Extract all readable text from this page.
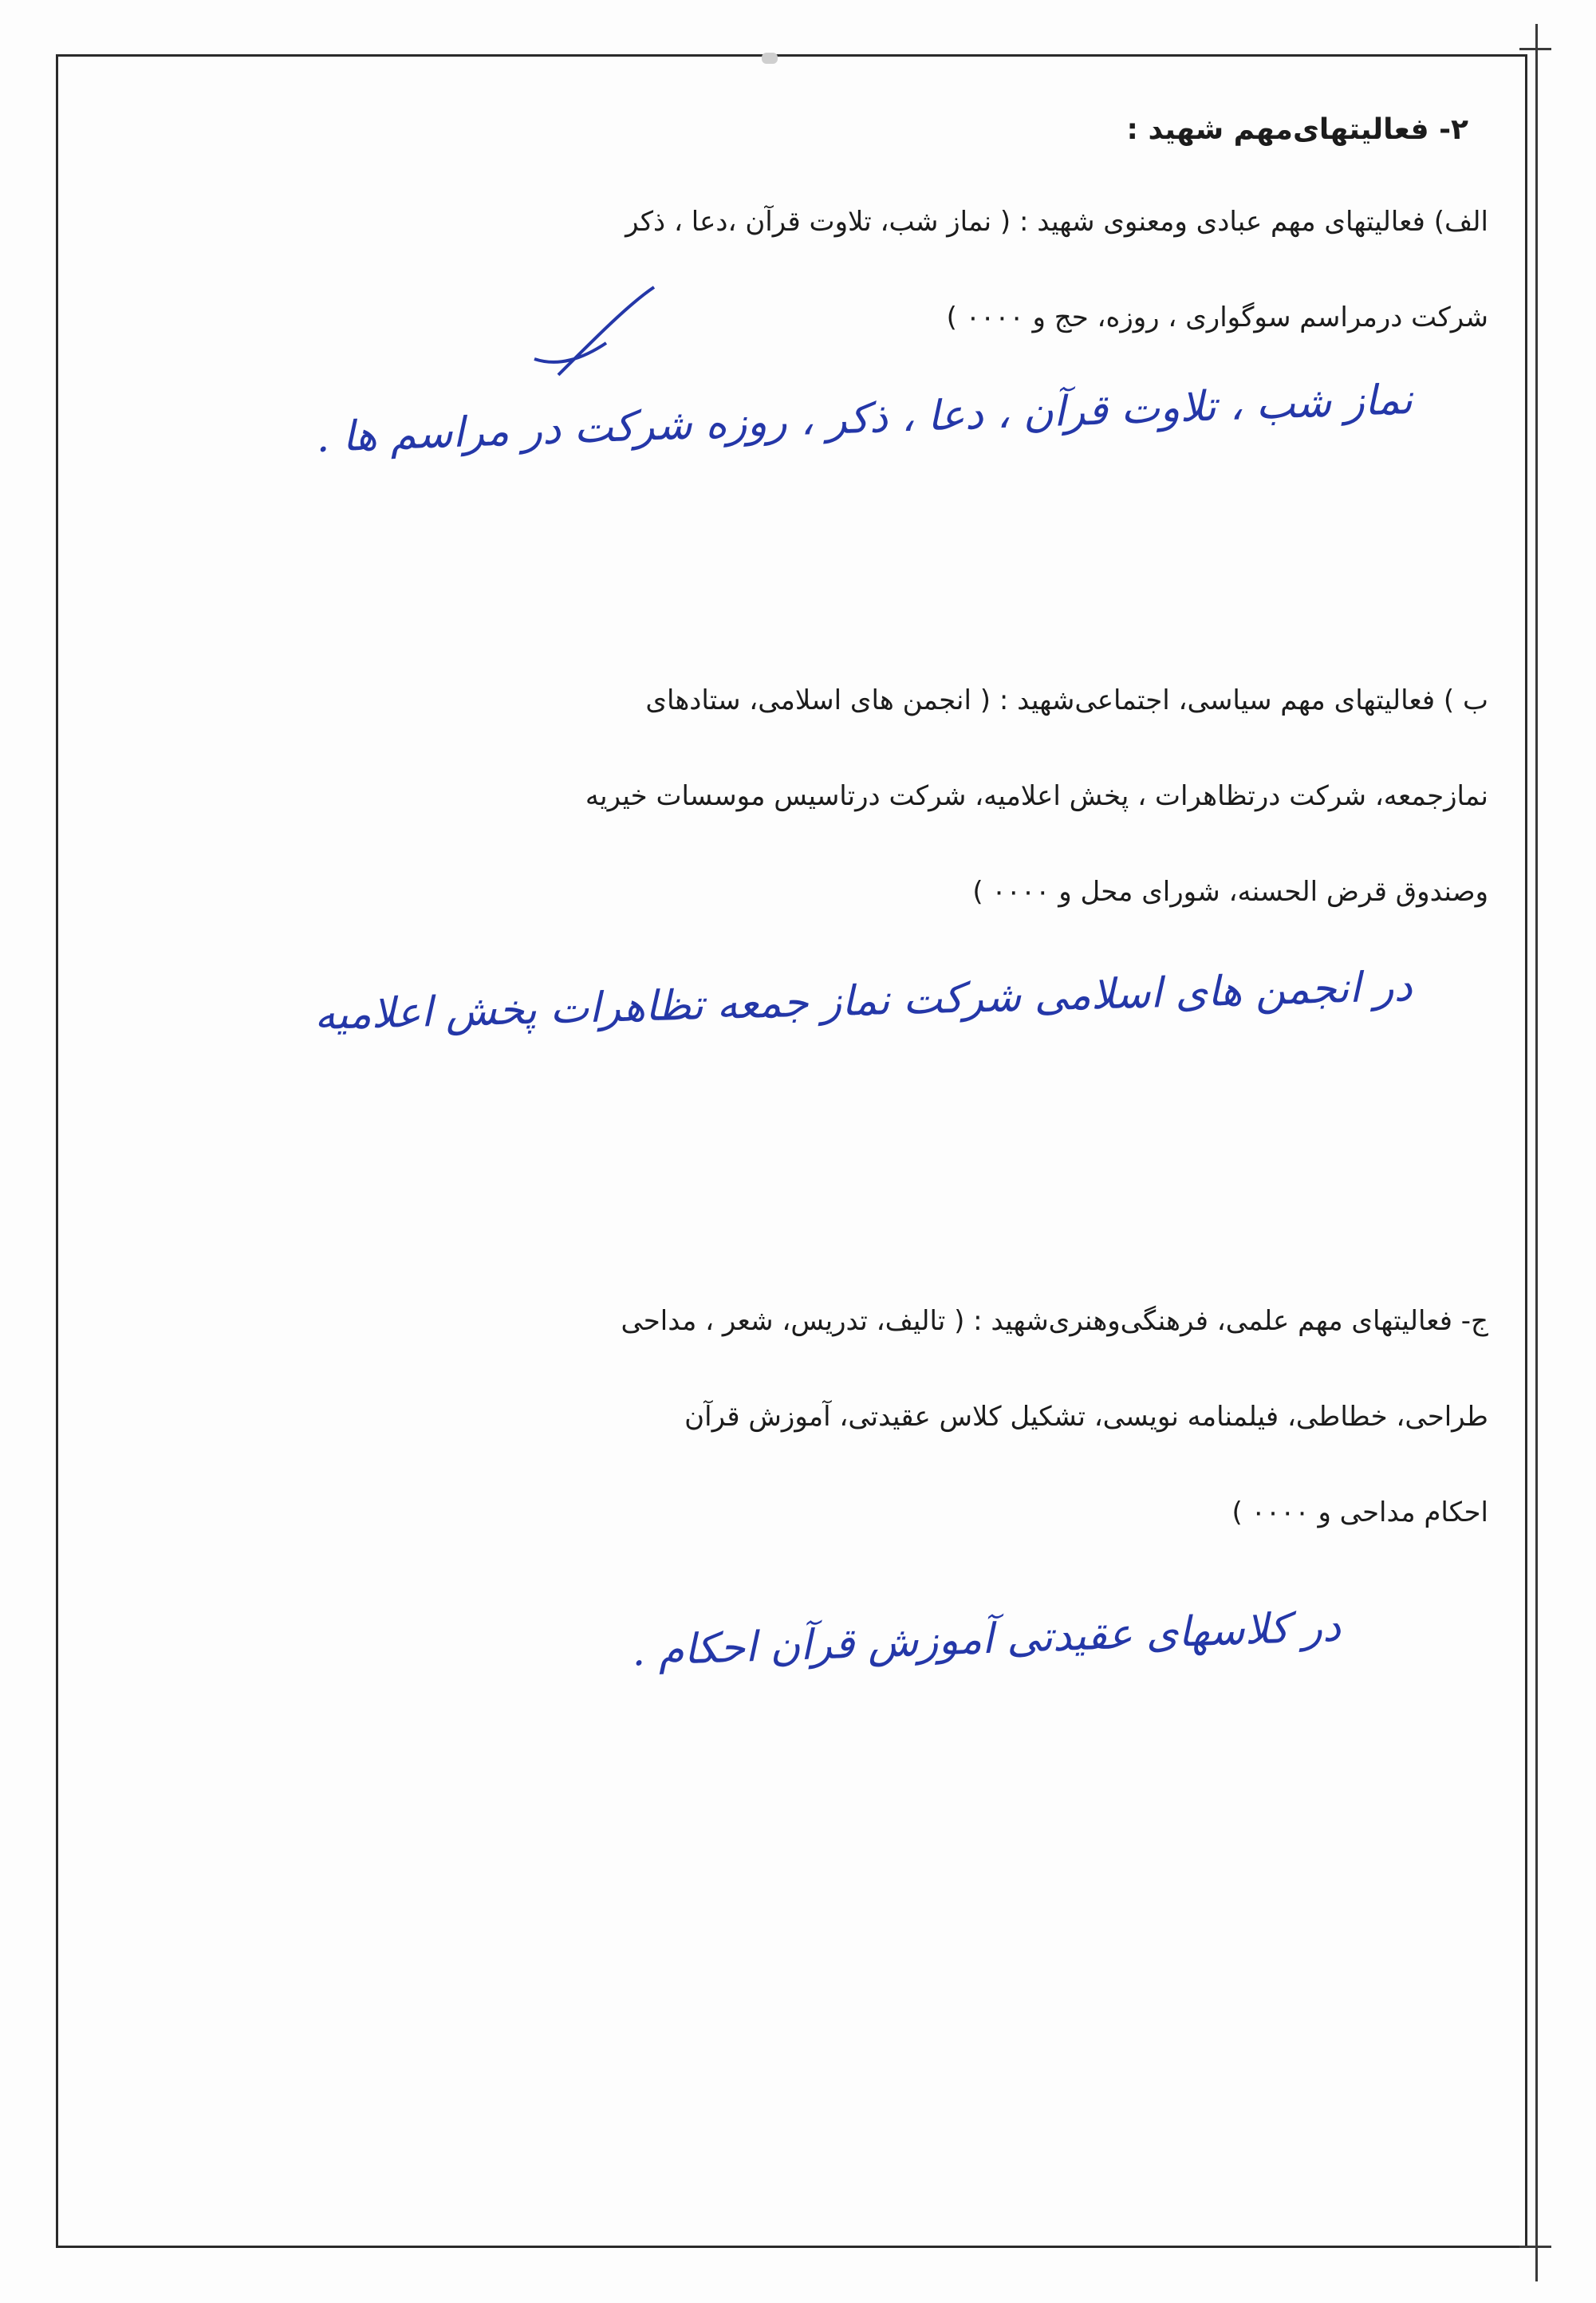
۲- فعالیتهای‌مهم شهید :
الف) فعالیتهای مهم عبادی ومعنوی شهید : ( نماز شب، تلاوت قرآن ،دعا ، ذکر
شرکت درمراسم سوگواری ، روزه، حج و ۰۰۰۰ )
نماز شب ، تلاوت قرآن ، دعا ، ذکر ، روزه شرکت در مراسم ها .
ب ) فعالیتهای مهم سیاسی، اجتماعی‌شهید : ( انجمن های اسلامی، ستادهای
نمازجمعه، شرکت درتظاهرات ، پخش اعلامیه، شرکت درتاسیس موسسات خیریه
وصندوق قرض الحسنه، شورای محل و ۰۰۰۰ )
در انجمن های اسلامی شرکت نماز جمعه تظاهرات پخش اعلامیه
ج- فعالیتهای مهم علمی، فرهنگی‌وهنری‌شهید : ( تالیف، تدریس، شعر ، مداحی
طراحی، خطاطی، فیلمنامه نویسی، تشکیل کلاس عقیدتی، آموزش قرآن
احکام مداحی و ۰۰۰۰ )
در کلاسهای عقیدتی آموزش قرآن احکام .
